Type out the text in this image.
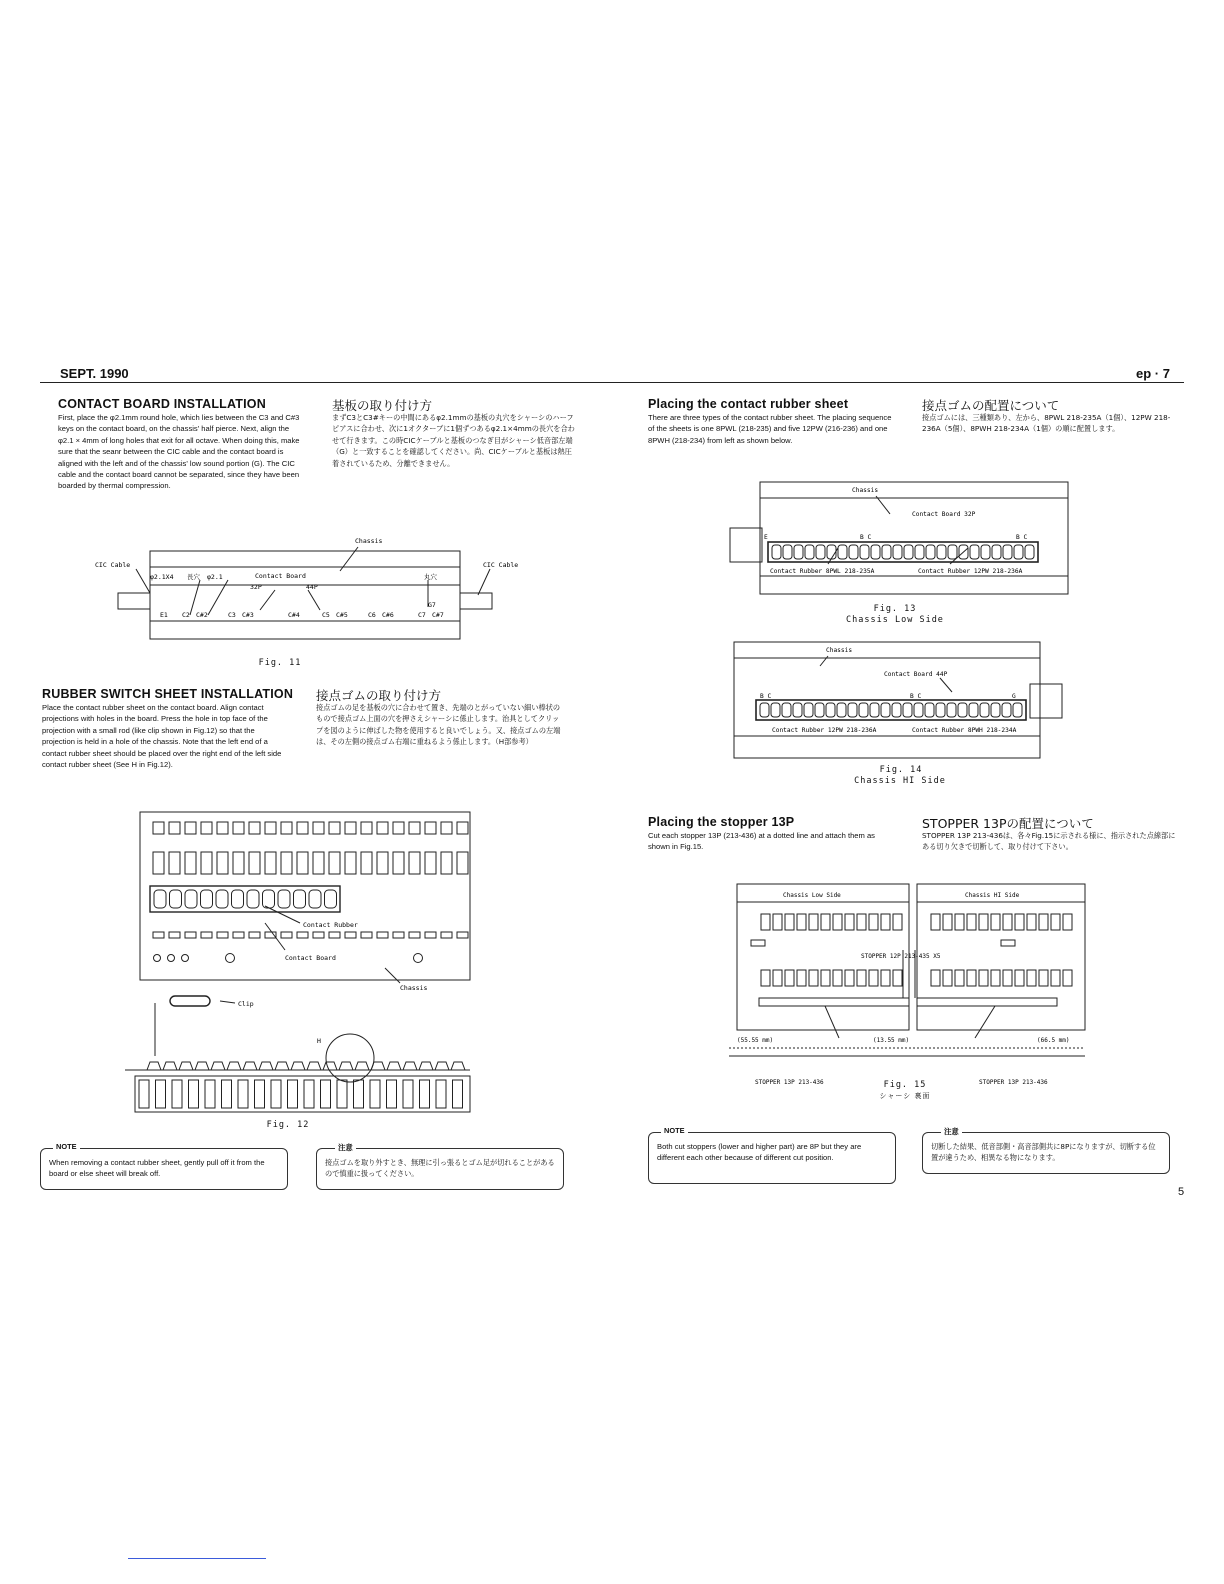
SEPT. 1990	ep · 7
CONTACT BOARD INSTALLATION
First, place the φ2.1mm round hole, which lies between the C3 and C#3 keys on the contact board, on the chassis' half pierce. Next, align the φ2.1 × 4mm of long holes that exit for all octave. When doing this, make sure that the seanr between the CIC cable and the contact board is aligned with the left and of the chassis' low sound portion (G). The CIC cable and the contact board cannot be separated, since they have been boarded by thermal compression.
基板の取り付け方
まずC3とC3#キーの中間にあるφ2.1mmの基板の丸穴をシャーシのハーフピアスに合わせ、次に1オクターブに1個ずつあるφ2.1×4mmの長穴を合わせて行きます。この時CICケーブルと基板のつなぎ目がシャーシ低音部左端（G）と一致することを確認してください。尚、CICケーブルと基板は熱圧着されているため、分離できません。
Chassis
CIC Cable	CIC Cable
φ2.1X4 長穴 φ2.1	Contact Board
32P	44P
丸穴
G7
E1 C2 C#2	C3 C#3	C#4	C5 C#5	C6 C#6	C7 C#7
Fig. 11
RUBBER SWITCH SHEET INSTALLATION
Place the contact rubber sheet on the contact board. Align contact projections with holes in the board. Press the hole in top face of the projection with a small rod (like clip shown in Fig.12) so that the projection is held in a hole of the chassis. Note that the left end of a contact rubber sheet should be placed over the right end of the left side contact rubber sheet (See H in Fig.12).
接点ゴムの取り付け方
接点ゴムの足を基板の穴に合わせて置き、先端のとがっていない細い棒状のもので接点ゴム上面の穴を押さえシャーシに係止します。治具としてクリップを図のように伸ばした物を使用すると良いでしょう。又、接点ゴムの左端は、その左側の接点ゴム右端に重ねるよう係止します。（H部参考）
Contact Rubber
Contact Board
Chassis
Clip
H
Fig. 12
NOTE
When removing a contact rubber sheet, gently pull off it from the board or else sheet will break off.
注意
接点ゴムを取り外すとき、無理に引っ張るとゴム足が切れることがあるので慎重に扱ってください。
Placing the contact rubber sheet
There are three types of the contact rubber sheet. The placing sequence of the sheets is one 8PWL (218-235) and five 12PW (216-236) and one 8PWH (218-234) from left as shown below.
接点ゴムの配置について
接点ゴムには、三種類あり、左から、8PWL 218-235A（1個）、12PW 218-236A（5個）、8PWH 218-234A（1個）の順に配置します。
Chassis
Contact Board 32P
E	B C	B C
Contact Rubber 8PWL 218-235A	Contact Rubber 12PW 218-236A
Fig. 13
Chassis Low Side
Chassis
Contact Board 44P
B C	B C	G
Contact Rubber 12PW 218-236A	Contact Rubber 8PWH 218-234A
Fig. 14
Chassis HI Side
Placing the stopper 13P
Cut each stopper 13P (213-436) at a dotted line and attach them as shown in Fig.15.
STOPPER 13Pの配置について
STOPPER 13P 213-436は、各々Fig.15に示される様に、指示された点線部にある切り欠きで切断して、取り付けて下さい。
Chassis Low Side	Chassis HI Side
STOPPER 12P 213-435 X5
(55.55 mm)	(13.55 mm)	(66.5 mm)
STOPPER 13P 213-436	STOPPER 13P 213-436
Fig. 15
シャーシ 裏面
NOTE
Both cut stoppers (lower and higher part) are 8P but they are different each other because of different cut position.
注意
切断した結果、低音部側・高音部側共に8Pになりますが、切断する位置が違うため、相異なる物になります。
5
